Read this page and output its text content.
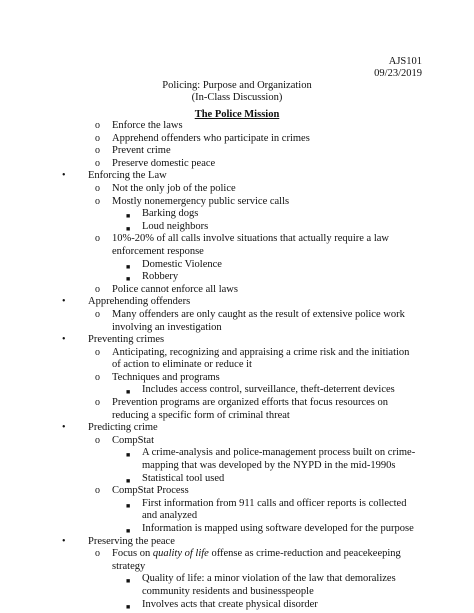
AJS101
09/23/2019
Policing: Purpose and Organization
(In-Class Discussion)
The Police Mission
o Enforce the laws
o Apprehend offenders who participate in crimes
o Prevent crime
o Preserve domestic peace
• Enforcing the Law
o Not the only job of the police
o Mostly nonemergency public service calls
■ Barking dogs
■ Loud neighbors
o 10%-20% of all calls involve situations that actually require a law enforcement response
■ Domestic Violence
■ Robbery
o Police cannot enforce all laws
• Apprehending offenders
o Many offenders are only caught as the result of extensive police work involving an investigation
• Preventing crimes
o Anticipating, recognizing and appraising a crime risk and the initiation of action to eliminate or reduce it
o Techniques and programs
■ Includes access control, surveillance, theft-deterrent devices
o Prevention programs are organized efforts that focus resources on reducing a specific form of criminal threat
• Predicting crime
o CompStat
■ A crime-analysis and police-management process built on crime-mapping that was developed by the NYPD in the mid-1990s
■ Statistical tool used
o CompStat Process
■ First information from 911 calls and officer reports is collected and analyzed
■ Information is mapped using software developed for the purpose
• Preserving the peace
o Focus on quality of life offense as crime-reduction and peacekeeping strategy
■ Quality of life: a minor violation of the law that demoralizes community residents and businesspeople
■ Involves acts that create physical disorder
